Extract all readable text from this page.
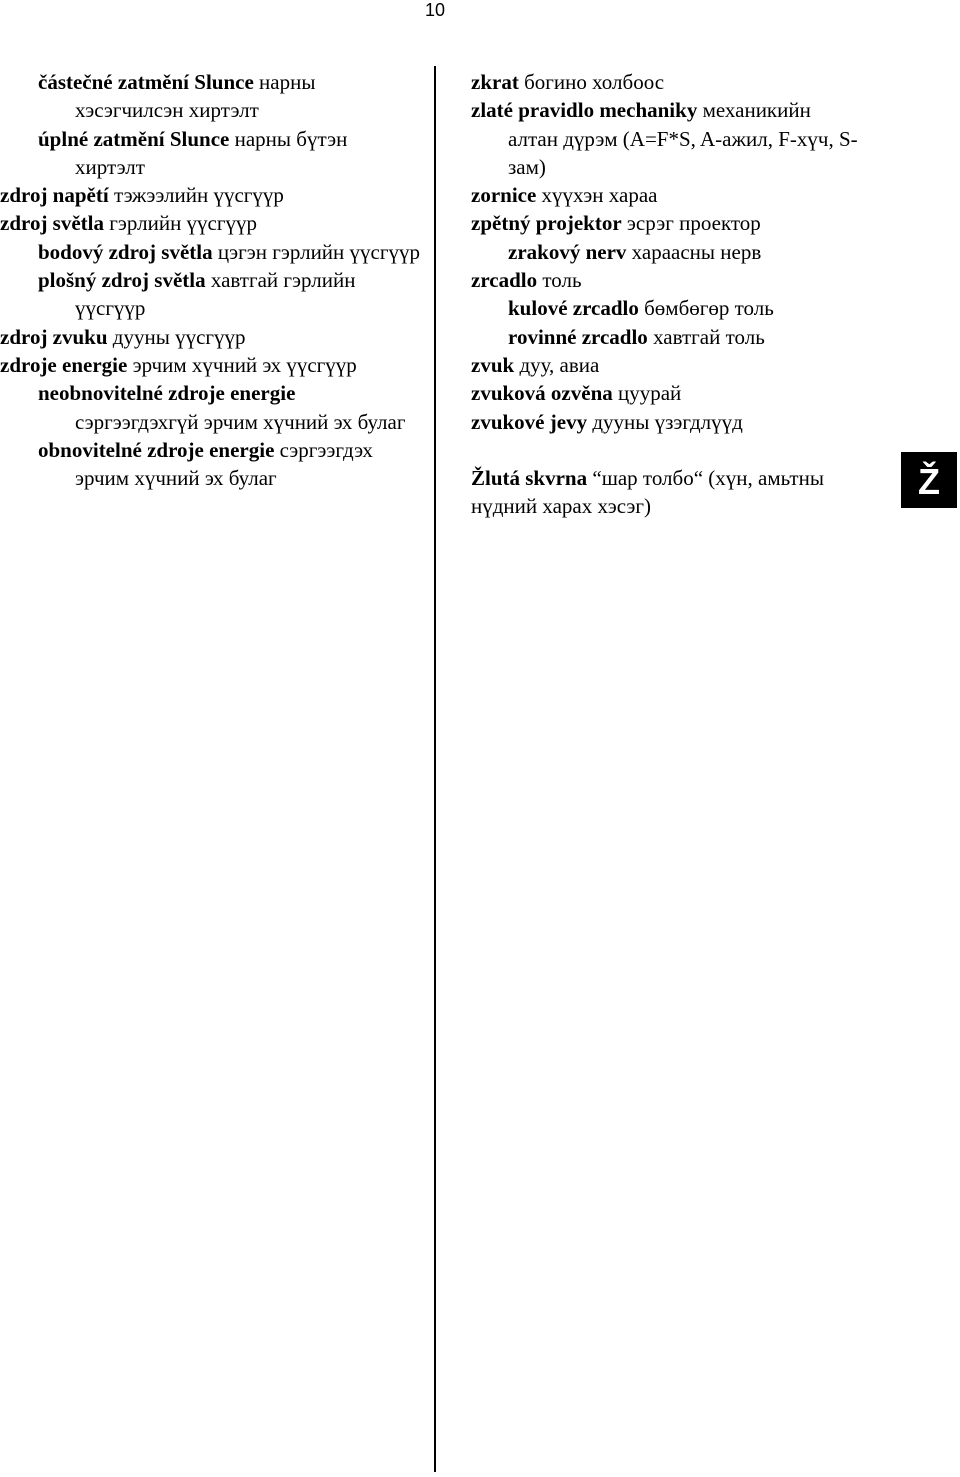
10

částečné zatmění Slunce нарны хэсэгчилсэн хиртэлт

úplné zatmění Slunce нарны бүтэн хиртэлт

zdroj napětí тэжээлийн үүсгүүр

zdroj světla гэрлийн үүсгүүр

bodový zdroj světla цэгэн гэрлийн үүсгүүр

plošný zdroj světla хавтгай гэрлийн үүсгүүр

zdroj zvuku дууны үүсгүүр

zdroje energie эрчим хүчний эх үүсгүүр

neobnovitelné zdroje energie сэргээгдэхгүй эрчим хүчний эх булаг

obnovitelné zdroje energie сэргээгдэх эрчим хүчний эх булаг

zkrat богино холбоос

zlaté pravidlo mechaniky механикийн алтан дүрэм (A=F*S, A-ажил, F-хүч, S-зам)

zornice хүүхэн хараа

zpětný projektor эсрэг проектор

zrakový nerv хараасны нерв

zrcadlo толь

kulové zrcadlo бөмбөгөр толь

rovinné zrcadlo хавтгай толь

zvuk дуу, авиа

zvuková ozvěna цуурай

zvukové jevy дууны үзэгдлүүд

Žlutá skvrna “шар толбо“ (хүн, амьтны нүдний харах хэсэг)

Ž
